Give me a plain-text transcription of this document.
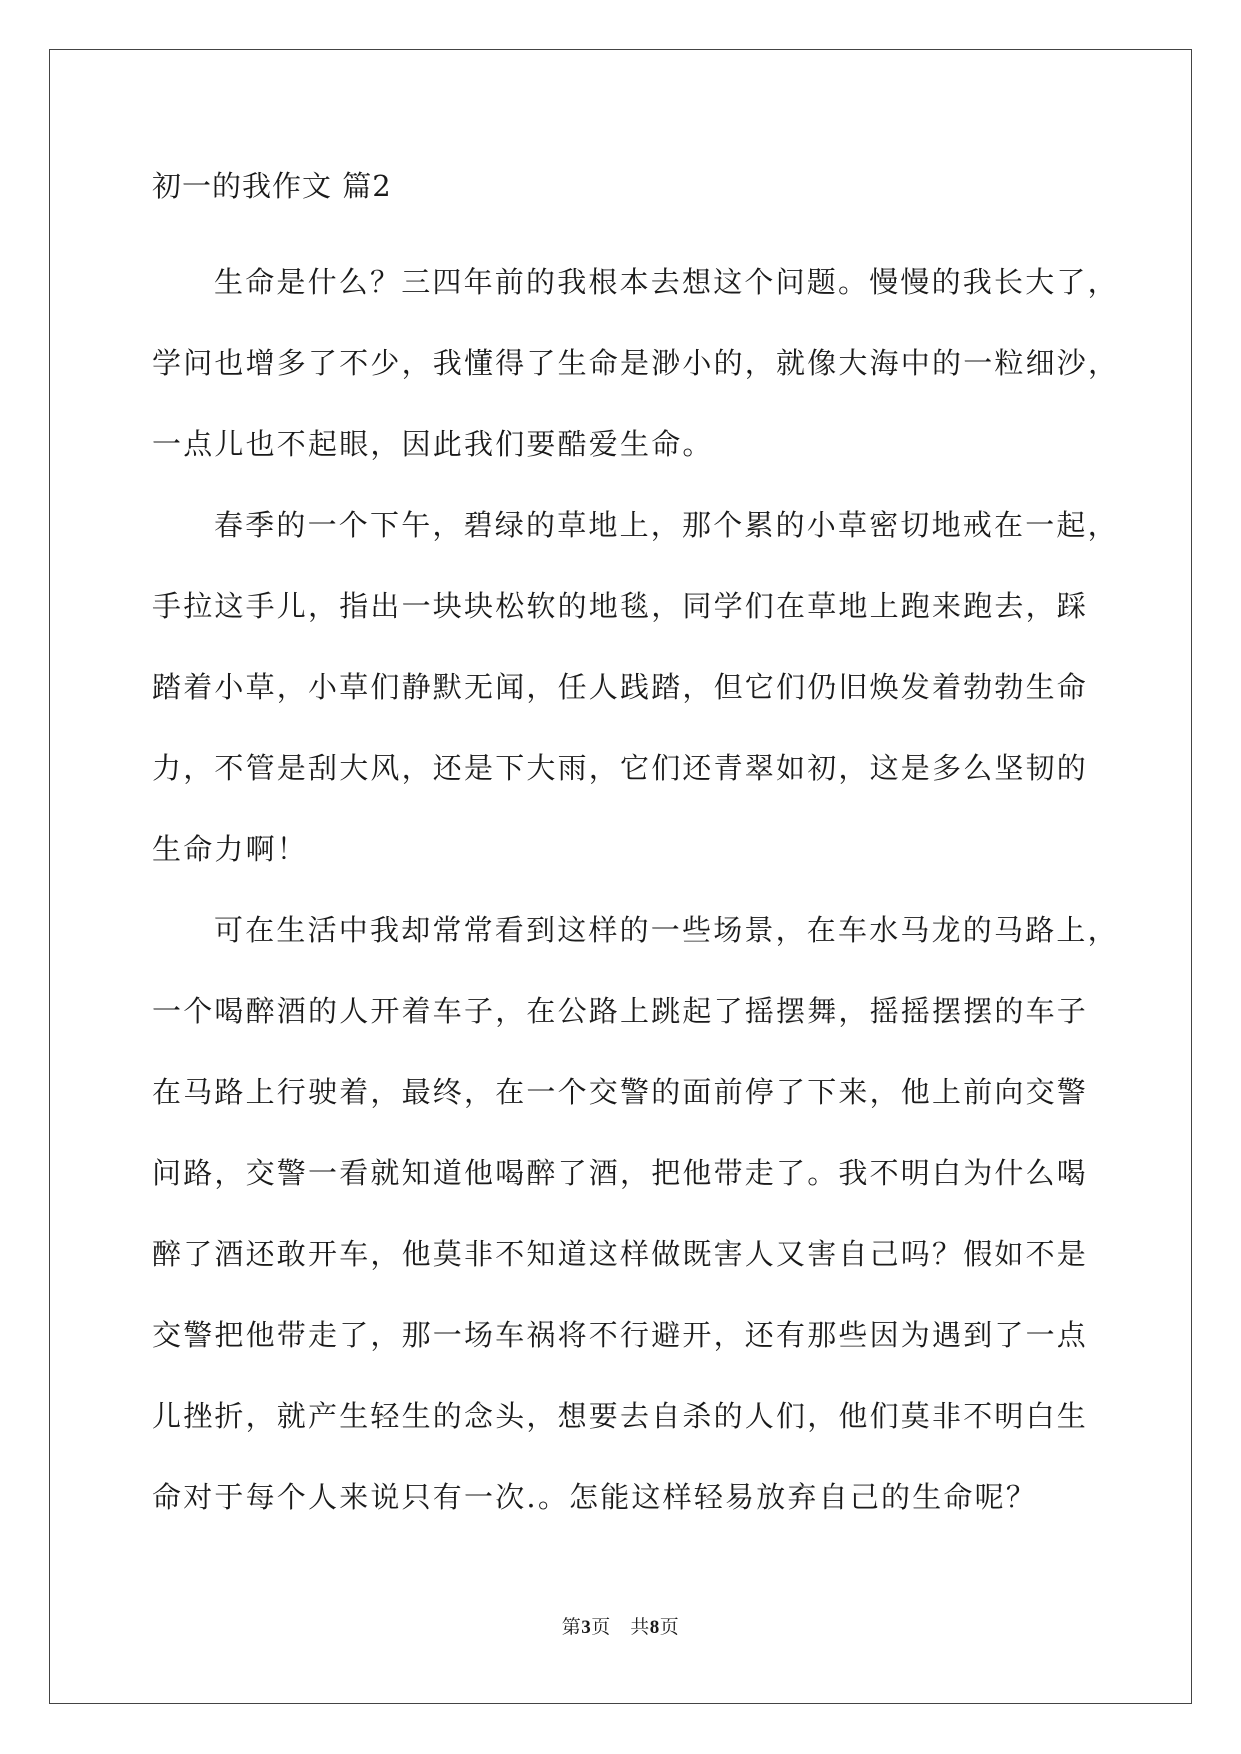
初一的我作文 篇2
生命是什么？三四年前的我根本去想这个问题。慢慢的我长大了，
学问也增多了不少，我懂得了生命是渺小的，就像大海中的一粒细沙，
一点儿也不起眼，因此我们要酷爱生命。
春季的一个下午，碧绿的草地上，那个累的小草密切地戒在一起，
手拉这手儿，指出一块块松软的地毯，同学们在草地上跑来跑去，踩
踏着小草，小草们静默无闻，任人践踏，但它们仍旧焕发着勃勃生命
力，不管是刮大风，还是下大雨，它们还青翠如初，这是多么坚韧的
生命力啊！
可在生活中我却常常看到这样的一些场景，在车水马龙的马路上，
一个喝醉酒的人开着车子，在公路上跳起了摇摆舞，摇摇摆摆的车子
在马路上行驶着，最终，在一个交警的面前停了下来，他上前向交警
问路，交警一看就知道他喝醉了酒，把他带走了。我不明白为什么喝
醉了酒还敢开车，他莫非不知道这样做既害人又害自己吗？假如不是
交警把他带走了，那一场车祸将不行避开，还有那些因为遇到了一点
儿挫折，就产生轻生的念头，想要去自杀的人们，他们莫非不明白生
命对于每个人来说只有一次.。怎能这样轻易放弃自己的生命呢？
第3页　共8页
